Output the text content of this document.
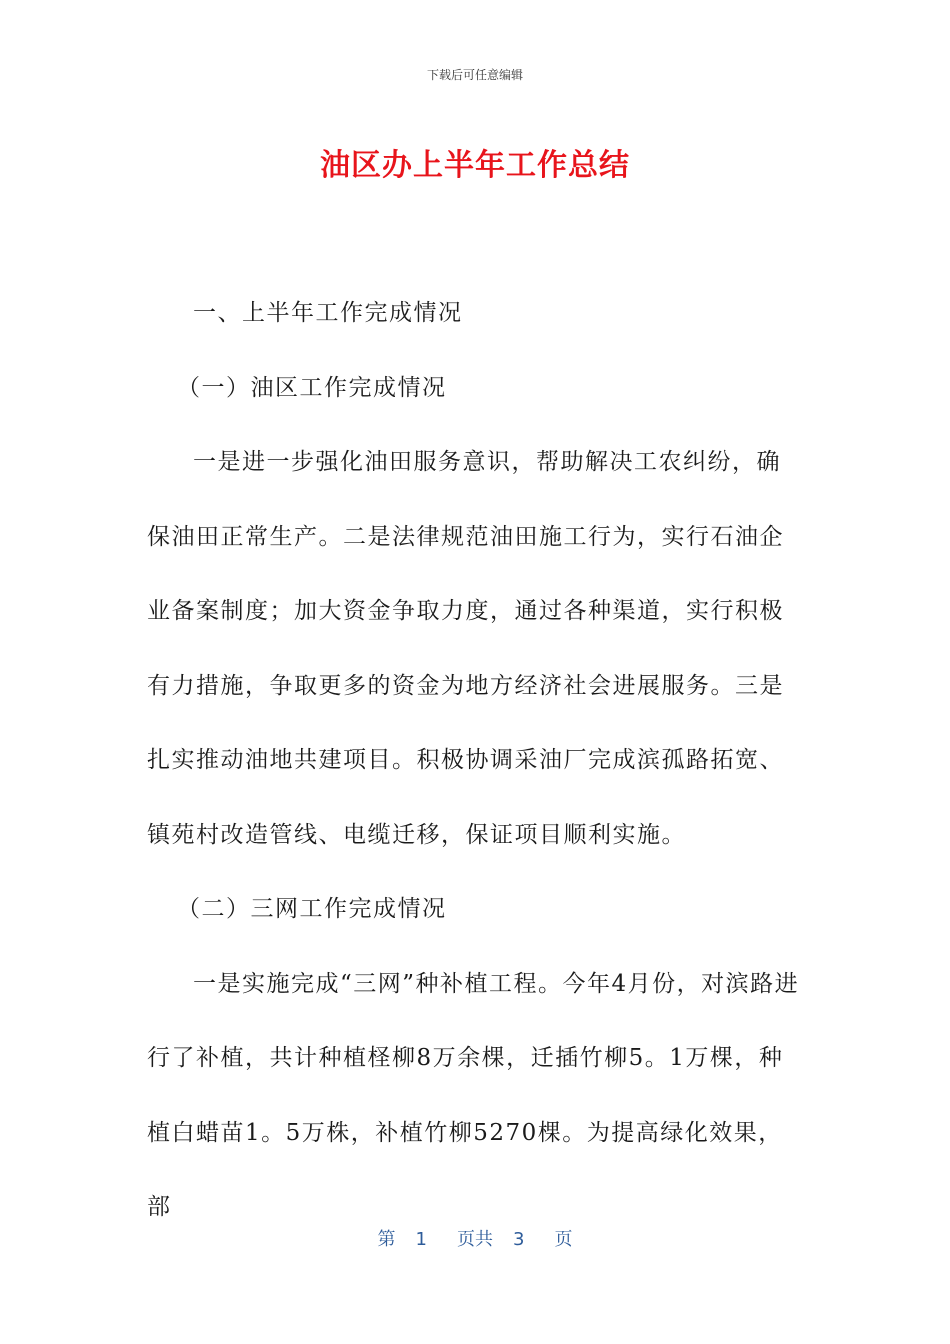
下载后可任意编辑
油区办上半年工作总结

一、上半年工作完成情况

（一）油区工作完成情况

一是进一步强化油田服务意识，帮助解决工农纠纷，确保油田正常生产。二是法律规范油田施工行为，实行石油企业备案制度；加大资金争取力度，通过各种渠道，实行积极有力措施，争取更多的资金为地方经济社会进展服务。三是扎实推动油地共建项目。积极协调采油厂完成滨孤路拓宽、镇苑村改造管线、电缆迁移，保证项目顺利实施。

（二）三网工作完成情况

一是实施完成“三网”种补植工程。今年4月份，对滨路进行了补植，共计种植柽柳8万余棵，迁插竹柳5。1万棵，种植白蜡苗1。5万株，补植竹柳5270棵。为提高绿化效果，部

第 1 页共 3 页
